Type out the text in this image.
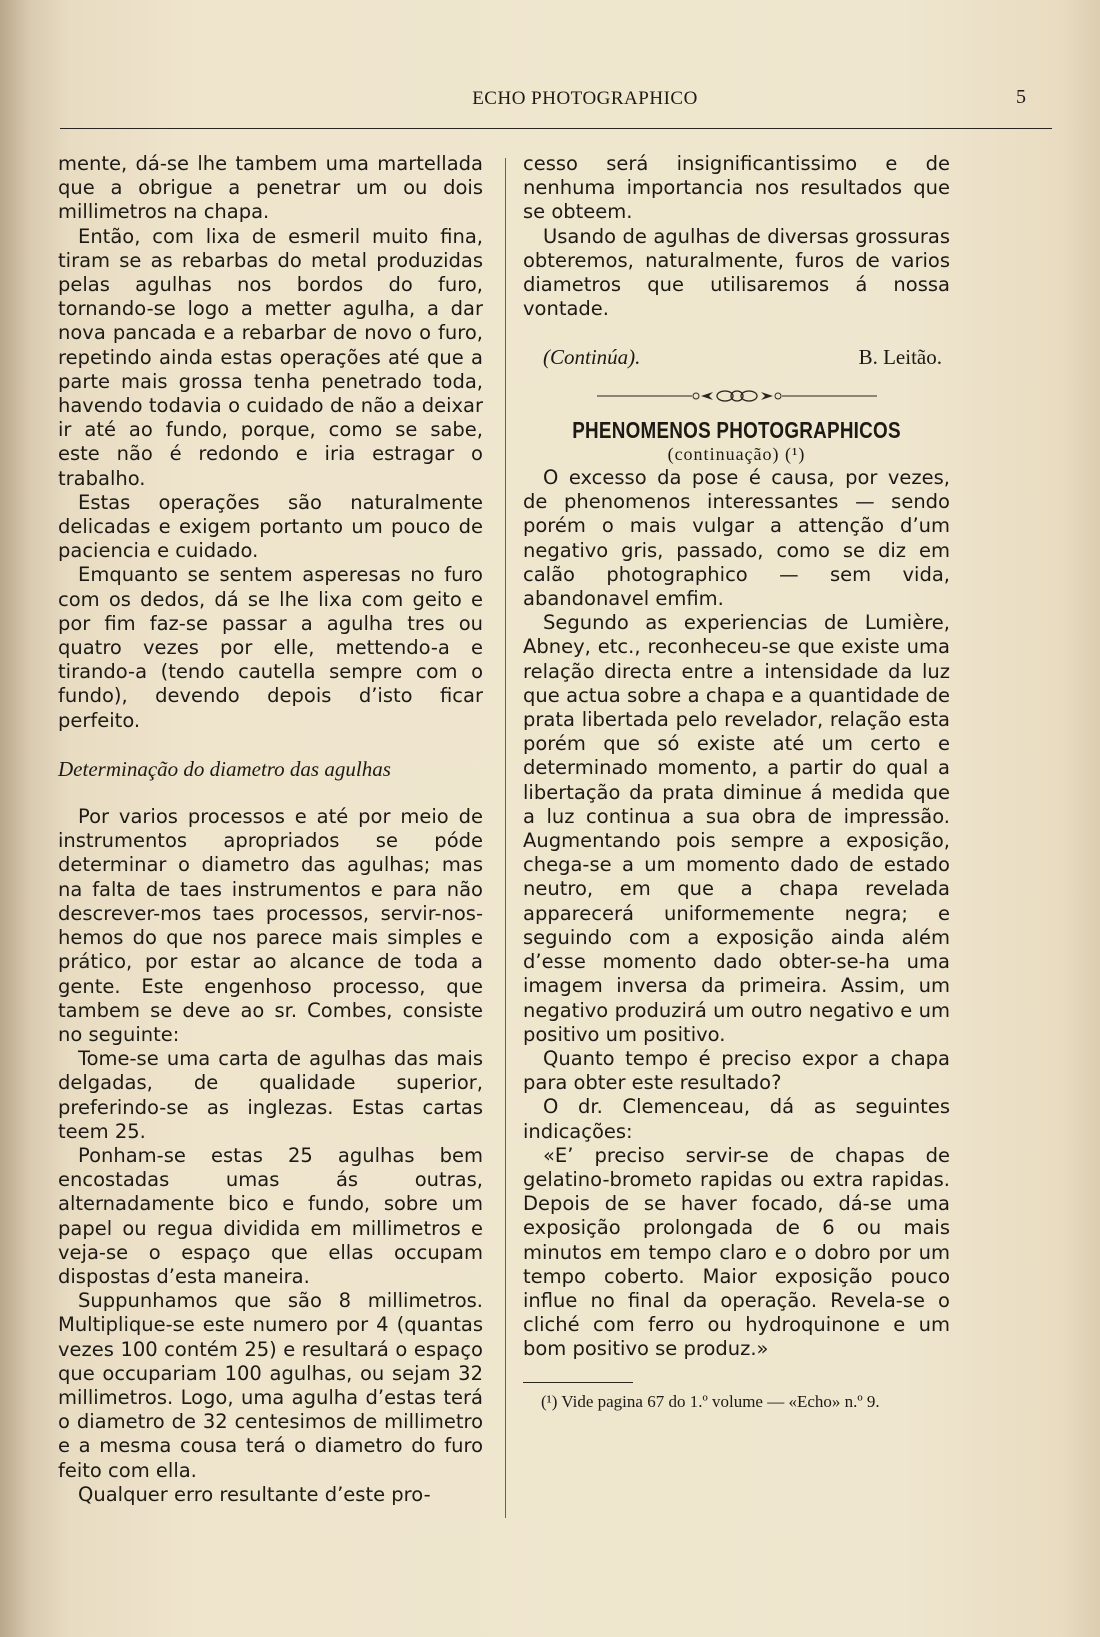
ECHO PHOTOGRAPHICO	5

mente, dá-se lhe tambem uma martellada que a obrigue a penetrar um ou dois millimetros na chapa.

Então, com lixa de esmeril muito fina, tiram se as rebarbas do metal produzidas pelas agulhas nos bordos do furo, tornando-se logo a metter agulha, a dar nova pancada e a rebarbar de novo o furo, repetindo ainda estas operações até que a parte mais grossa tenha penetrado toda, havendo todavia o cuidado de não a deixar ir até ao fundo, porque, como se sabe, este não é redondo e iria estragar o trabalho.

Estas operações são naturalmente delicadas e exigem portanto um pouco de paciencia e cuidado.

Emquanto se sentem asperesas no furo com os dedos, dá se lhe lixa com geito e por fim faz-se passar a agulha tres ou quatro vezes por elle, mettendo-a e tirando-a (tendo cautella sempre com o fundo), devendo depois d’isto ficar perfeito.

Determinação do diametro das agulhas

Por varios processos e até por meio de instrumentos apropriados se póde determinar o diametro das agulhas; mas na falta de taes instrumentos e para não descrever-mos taes processos, servir-nos-hemos do que nos parece mais simples e prático, por estar ao alcance de toda a gente. Este engenhoso processo, que tambem se deve ao sr. Combes, consiste no seguinte:

Tome-se uma carta de agulhas das mais delgadas, de qualidade superior, preferindo-se as inglezas. Estas cartas teem 25.

Ponham-se estas 25 agulhas bem encostadas umas ás outras, alternadamente bico e fundo, sobre um papel ou regua dividida em millimetros e veja-se o espaço que ellas occupam dispostas d’esta maneira.

Suppunhamos que são 8 millimetros. Multiplique-se este numero por 4 (quantas vezes 100 contém 25) e resultará o espaço que occupariam 100 agulhas, ou sejam 32 millimetros. Logo, uma agulha d’estas terá o diametro de 32 centesimos de millimetro e a mesma cousa terá o diametro do furo feito com ella.

Qualquer erro resultante d’este pro-

cesso será insignificantissimo e de nenhuma importancia nos resultados que se obteem.

Usando de agulhas de diversas grossuras obteremos, naturalmente, furos de varios diametros que utilisaremos á nossa vontade.

(Continúa).	B. Leitão.

PHENOMENOS PHOTOGRAPHICOS

(continuação) (¹)

O excesso da pose é causa, por vezes, de phenomenos interessantes — sendo porém o mais vulgar a attenção d’um negativo gris, passado, como se diz em calão photographico — sem vida, abandonavel emfim.

Segundo as experiencias de Lumière, Abney, etc., reconheceu-se que existe uma relação directa entre a intensidade da luz que actua sobre a chapa e a quantidade de prata libertada pelo revelador, relação esta porém que só existe até um certo e determinado momento, a partir do qual a libertação da prata diminue á medida que a luz continua a sua obra de impressão. Augmentando pois sempre a exposição, chega-se a um momento dado de estado neutro, em que a chapa revelada apparecerá uniformemente negra; e seguindo com a exposição ainda além d’esse momento dado obter-se-ha uma imagem inversa da primeira. Assim, um negativo produzirá um outro negativo e um positivo um positivo.

Quanto tempo é preciso expor a chapa para obter este resultado?

O dr. Clemenceau, dá as seguintes indicações:

«E’ preciso servir-se de chapas de gelatino-brometo rapidas ou extra rapidas. Depois de se haver focado, dá-se uma exposição prolongada de 6 ou mais minutos em tempo claro e o dobro por um tempo coberto. Maior exposição pouco influe no final da operação. Revela-se o cliché com ferro ou hydroquinone e um bom positivo se produz.»

(¹) Vide pagina 67 do 1.º volume — «Echo» n.º 9.
